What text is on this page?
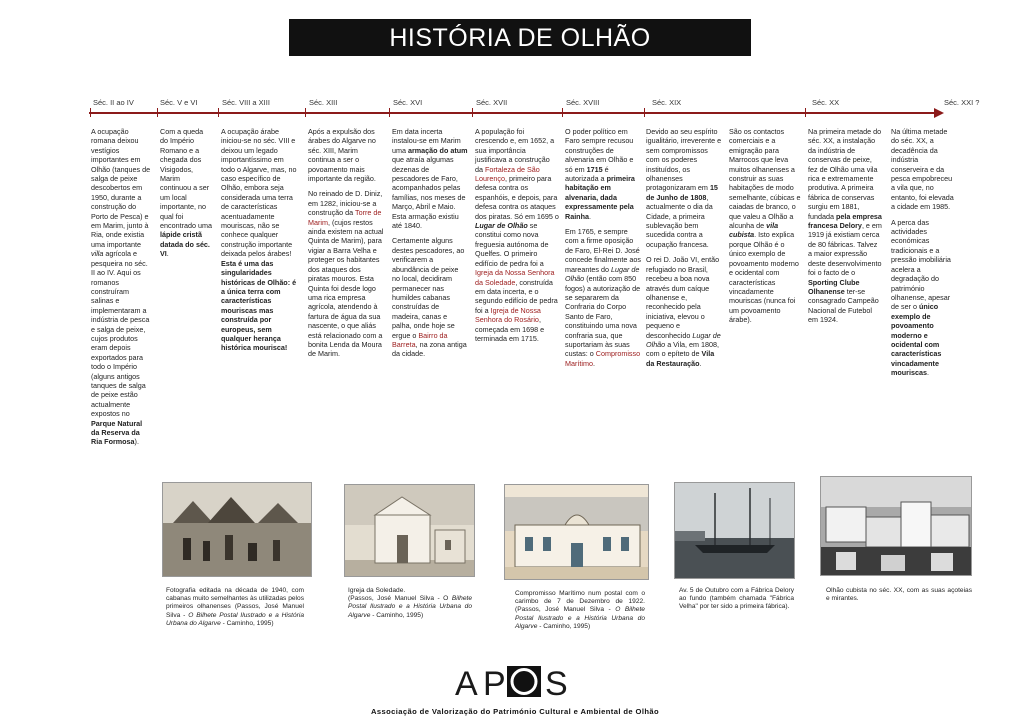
HISTÓRIA DE OLHÃO
Séc. II ao IV	Séc. V e VI	Séc. VIII a XIII	Séc. XIII	Séc. XVI	Séc. XVII	Séc. XVIII	Séc. XIX	Séc. XX	Séc. XXI ?

A ocupação romana deixou vestígios importantes em Olhão (tanques de salga de peixe descobertos em 1950, durante a construção do Porto de Pesca) e em Marim, junto à Ria, onde existia uma importante villa agrícola e pesqueira no séc. II ao IV. Aqui os romanos construíram salinas e implementaram a indústria de pesca e salga de peixe, cujos produtos eram depois exportados para todo o Império (alguns antigos tanques de salga de peixe estão actualmente expostos no Parque Natural da Reserva da Ria Formosa).

Com a queda do Império Romano e a chegada dos Visigodos, Marim continuou a ser um local importante, no qual foi encontrado uma lápide cristã datada do séc. VI.

A ocupação árabe iniciou-se no séc. VIII e deixou um legado importantíssimo em todo o Algarve, mas, no caso específico de Olhão, embora seja considerada uma terra de características acentuadamente mouriscas, não se conhece qualquer construção importante deixada pelos árabes! Esta é uma das singularidades históricas de Olhão: é a única terra com características mouriscas mas construída por europeus, sem qualquer herança histórica mourisca!

Após a expulsão dos árabes do Algarve no séc. XIII, Marim continua a ser o povoamento mais importante da região.

No reinado de D. Diniz, em 1282, iniciou-se a construção da Torre de Marim, (cujos restos ainda existem na actual Quinta de Marim), para vigiar a Barra Velha e proteger os habitantes dos ataques dos piratas mouros. Esta Quinta foi desde logo uma rica empresa agrícola, atendendo à fartura de água da sua nascente, o que aliás está relacionado com a bonita Lenda da Moura de Marim.

Em data incerta instalou-se em Marim uma armação do atum que atraía algumas dezenas de pescadores de Faro, acompanhados pelas famílias, nos meses de Março, Abril e Maio. Esta armação existiu até 1840.

Certamente alguns destes pescadores, ao verificarem a abundância de peixe no local, decidiram permanecer nas humildes cabanas construídas de madeira, canas e palha, onde hoje se ergue o Bairro da Barreta, na zona antiga da cidade.

A população foi crescendo e, em 1652, a sua importância justificava a construção da Fortaleza de São Lourenço, primeiro para defesa contra os espanhóis, e depois, para defesa contra os ataques dos piratas. Só em 1695 o Lugar de Olhão se constitui como nova freguesia autónoma de Quelfes. O primeiro edifício de pedra foi a Igreja da Nossa Senhora da Soledade, construída em data incerta, e o segundo edifício de pedra foi a Igreja de Nossa Senhora do Rosário, começada em 1698 e terminada em 1715.

O poder político em Faro sempre recusou construções de alvenaria em Olhão e só em 1715 é autorizada a primeira habitação em alvenaria, dada expressamente pela Rainha.

Em 1765, e sempre com a firme oposição de Faro, El-Rei D. José concede finalmente aos mareantes do Lugar de Olhão (então com 850 fogos) a autorização de se separarem da Confraria do Corpo Santo de Faro, constituindo uma nova confraria sua, que suportariam às suas custas: o Compromisso Marítimo.

Devido ao seu espírito igualitário, irreverente e sem compromissos com os poderes instituídos, os olhanenses protagonizaram em 15 de Junho de 1808, actualmente o dia da Cidade, a primeira sublevação bem sucedida contra a ocupação francesa.

O rei D. João VI, então refugiado no Brasil, recebeu a boa nova através dum caíque olhanense e, reconhecido pela iniciativa, elevou o pequeno e desconhecido Lugar de Olhão a Vila, em 1808, com o epíteto de Vila da Restauração.

São os contactos comerciais e a emigração para Marrocos que leva muitos olhanenses a construir as suas habitações de modo semelhante, cúbicas e caiadas de branco, o que valeu a Olhão a alcunha de vila cubista. Isto explica porque Olhão é o único exemplo de povoamento moderno e ocidental com características vincadamente mouriscas (nunca foi um povoamento árabe).

Na primeira metade do séc. XX, a instalação da indústria de conservas de peixe, fez de Olhão uma vila rica e extremamente produtiva. A primeira fábrica de conservas surgiu em 1881, fundada pela empresa francesa Delory, e em 1919 já existiam cerca de 80 fábricas. Talvez a maior expressão deste desenvolvimento foi o facto de o Sporting Clube Olhanense ter-se consagrado Campeão Nacional de Futebol em 1924.

Na última metade do séc. XX, a decadência da indústria conserveira e da pesca empobreceu a vila que, no entanto, foi elevada a cidade em 1985.

A perca das actividades económicas tradicionais e a pressão imobiliária acelera a degradação do património olhanense, apesar de ser o único exemplo de povoamento moderno e ocidental com características vincadamente mouriscas.

Fotografia editada na década de 1940, com cabanas muito semelhantes às utilizadas pelos primeiros olhanenses (Passos, José Manuel Silva - O Bilhete Postal Ilustrado e a História Urbana do Algarve - Caminho, 1995)
Igreja da Soledade.
(Passos, José Manuel Silva - O Bilhete Postal Ilustrado e a História Urbana do Algarve - Caminho, 1995)
Compromisso Marítimo num postal com o carimbo de 7 de Dezembro de 1922. (Passos, José Manuel Silva - O Bilhete Postal Ilustrado e a História Urbana do Algarve - Caminho, 1995)
Av. 5 de Outubro com a Fábrica Delory ao fundo (também chamada "Fábrica Velha" por ter sido a primeira fábrica).
Olhão cubista no séc. XX, com as suas açoteias e mirantes.
A P S
Associação de Valorização do Património Cultural e Ambiental de Olhão
